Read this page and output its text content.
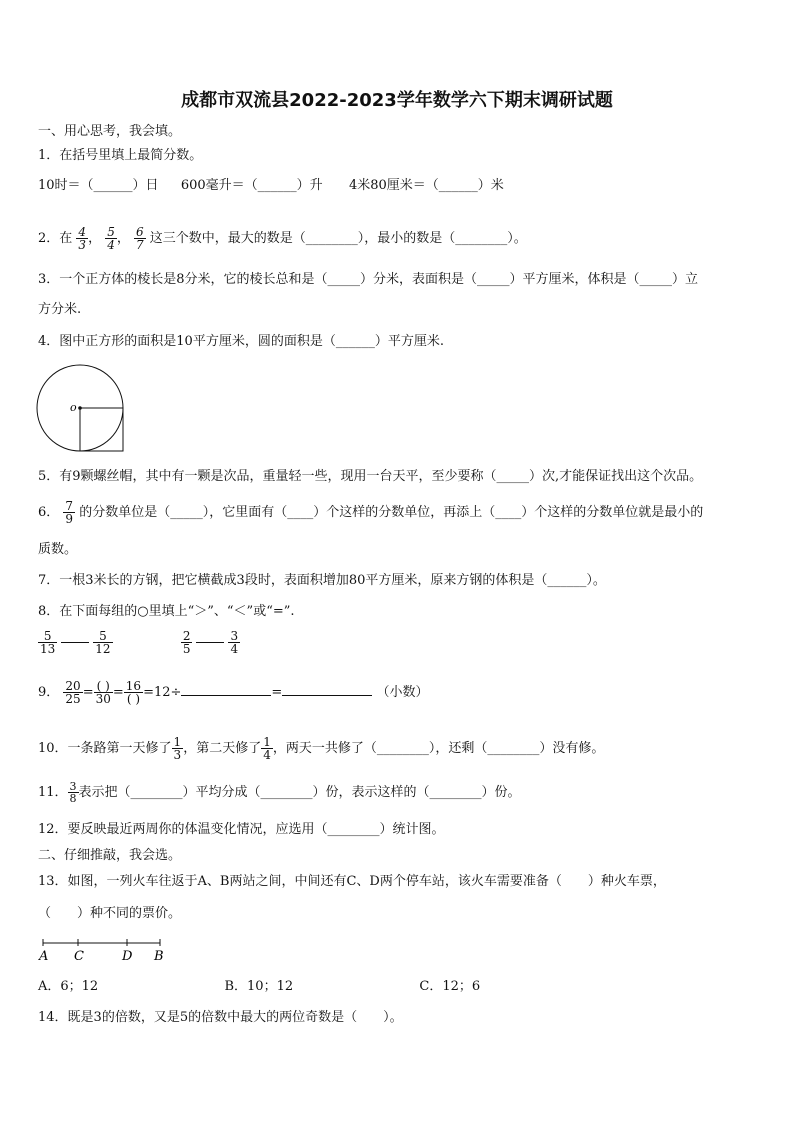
成都市双流县2022-2023学年数学六下期末调研试题
一、用心思考，我会填。
1．在括号里填上最简分数。
10时＝（______）日 600毫升＝（______）升 4米80厘米＝（______）米
2．在 $\frac{4}{3}$ ， $\frac{5}{4}$ ， $\frac{6}{7}$ 这三个数中，最大的数是（________），最小的数是（________）。
3．一个正方体的棱长是8分米，它的棱长总和是（_____）分米，表面积是（_____）平方厘米，体积是（_____）立
方分米.
4．图中正方形的面积是10平方厘米，圆的面积是（______）平方厘米.
o
5．有9颗螺丝帽，其中有一颗是次品，重量轻一些，现用一台天平，至少要称（_____）次,才能保证找出这个次品。
6． $\frac{7}{9}$ 的分数单位是（_____），它里面有（____）个这样的分数单位，再添上（____）个这样的分数单位就是最小的
质数。
7．一根3米长的方钢，把它横截成3段时，表面积增加80平方厘米，原来方钢的体积是（______）。
8．在下面每组的○里填上“＞”、“＜”或“=”.
$\frac{5}{13}$	$\frac{5}{12}$
	$\frac{2}{5}$	$\frac{3}{4}$
9． $\frac{20}{25} = \frac{( )}{30} = \frac{16}{( )} =12\div$	=	（小数）
10．一条路第一天修了 $\frac{1}{3}$ ，第二天修了 $\frac{1}{4}$ ，两天一共修了（________），还剩（________）没有修。
11． $\frac{3}{8}$ 表示把（________）平均分成（________）份，表示这样的（________）份。
12．要反映最近两周你的体温变化情况，应选用（________）统计图。
二、仔细推敲，我会选。
13．如图，一列火车往返于A、B两站之间，中间还有C、D两个停车站，该火车需要准备（　　）种火车票，
（　　）种不同的票价。
A C	D B
A．6；12	B．10；12	C．12；6
14．既是3的倍数，又是5的倍数中最大的两位奇数是（　　）。
